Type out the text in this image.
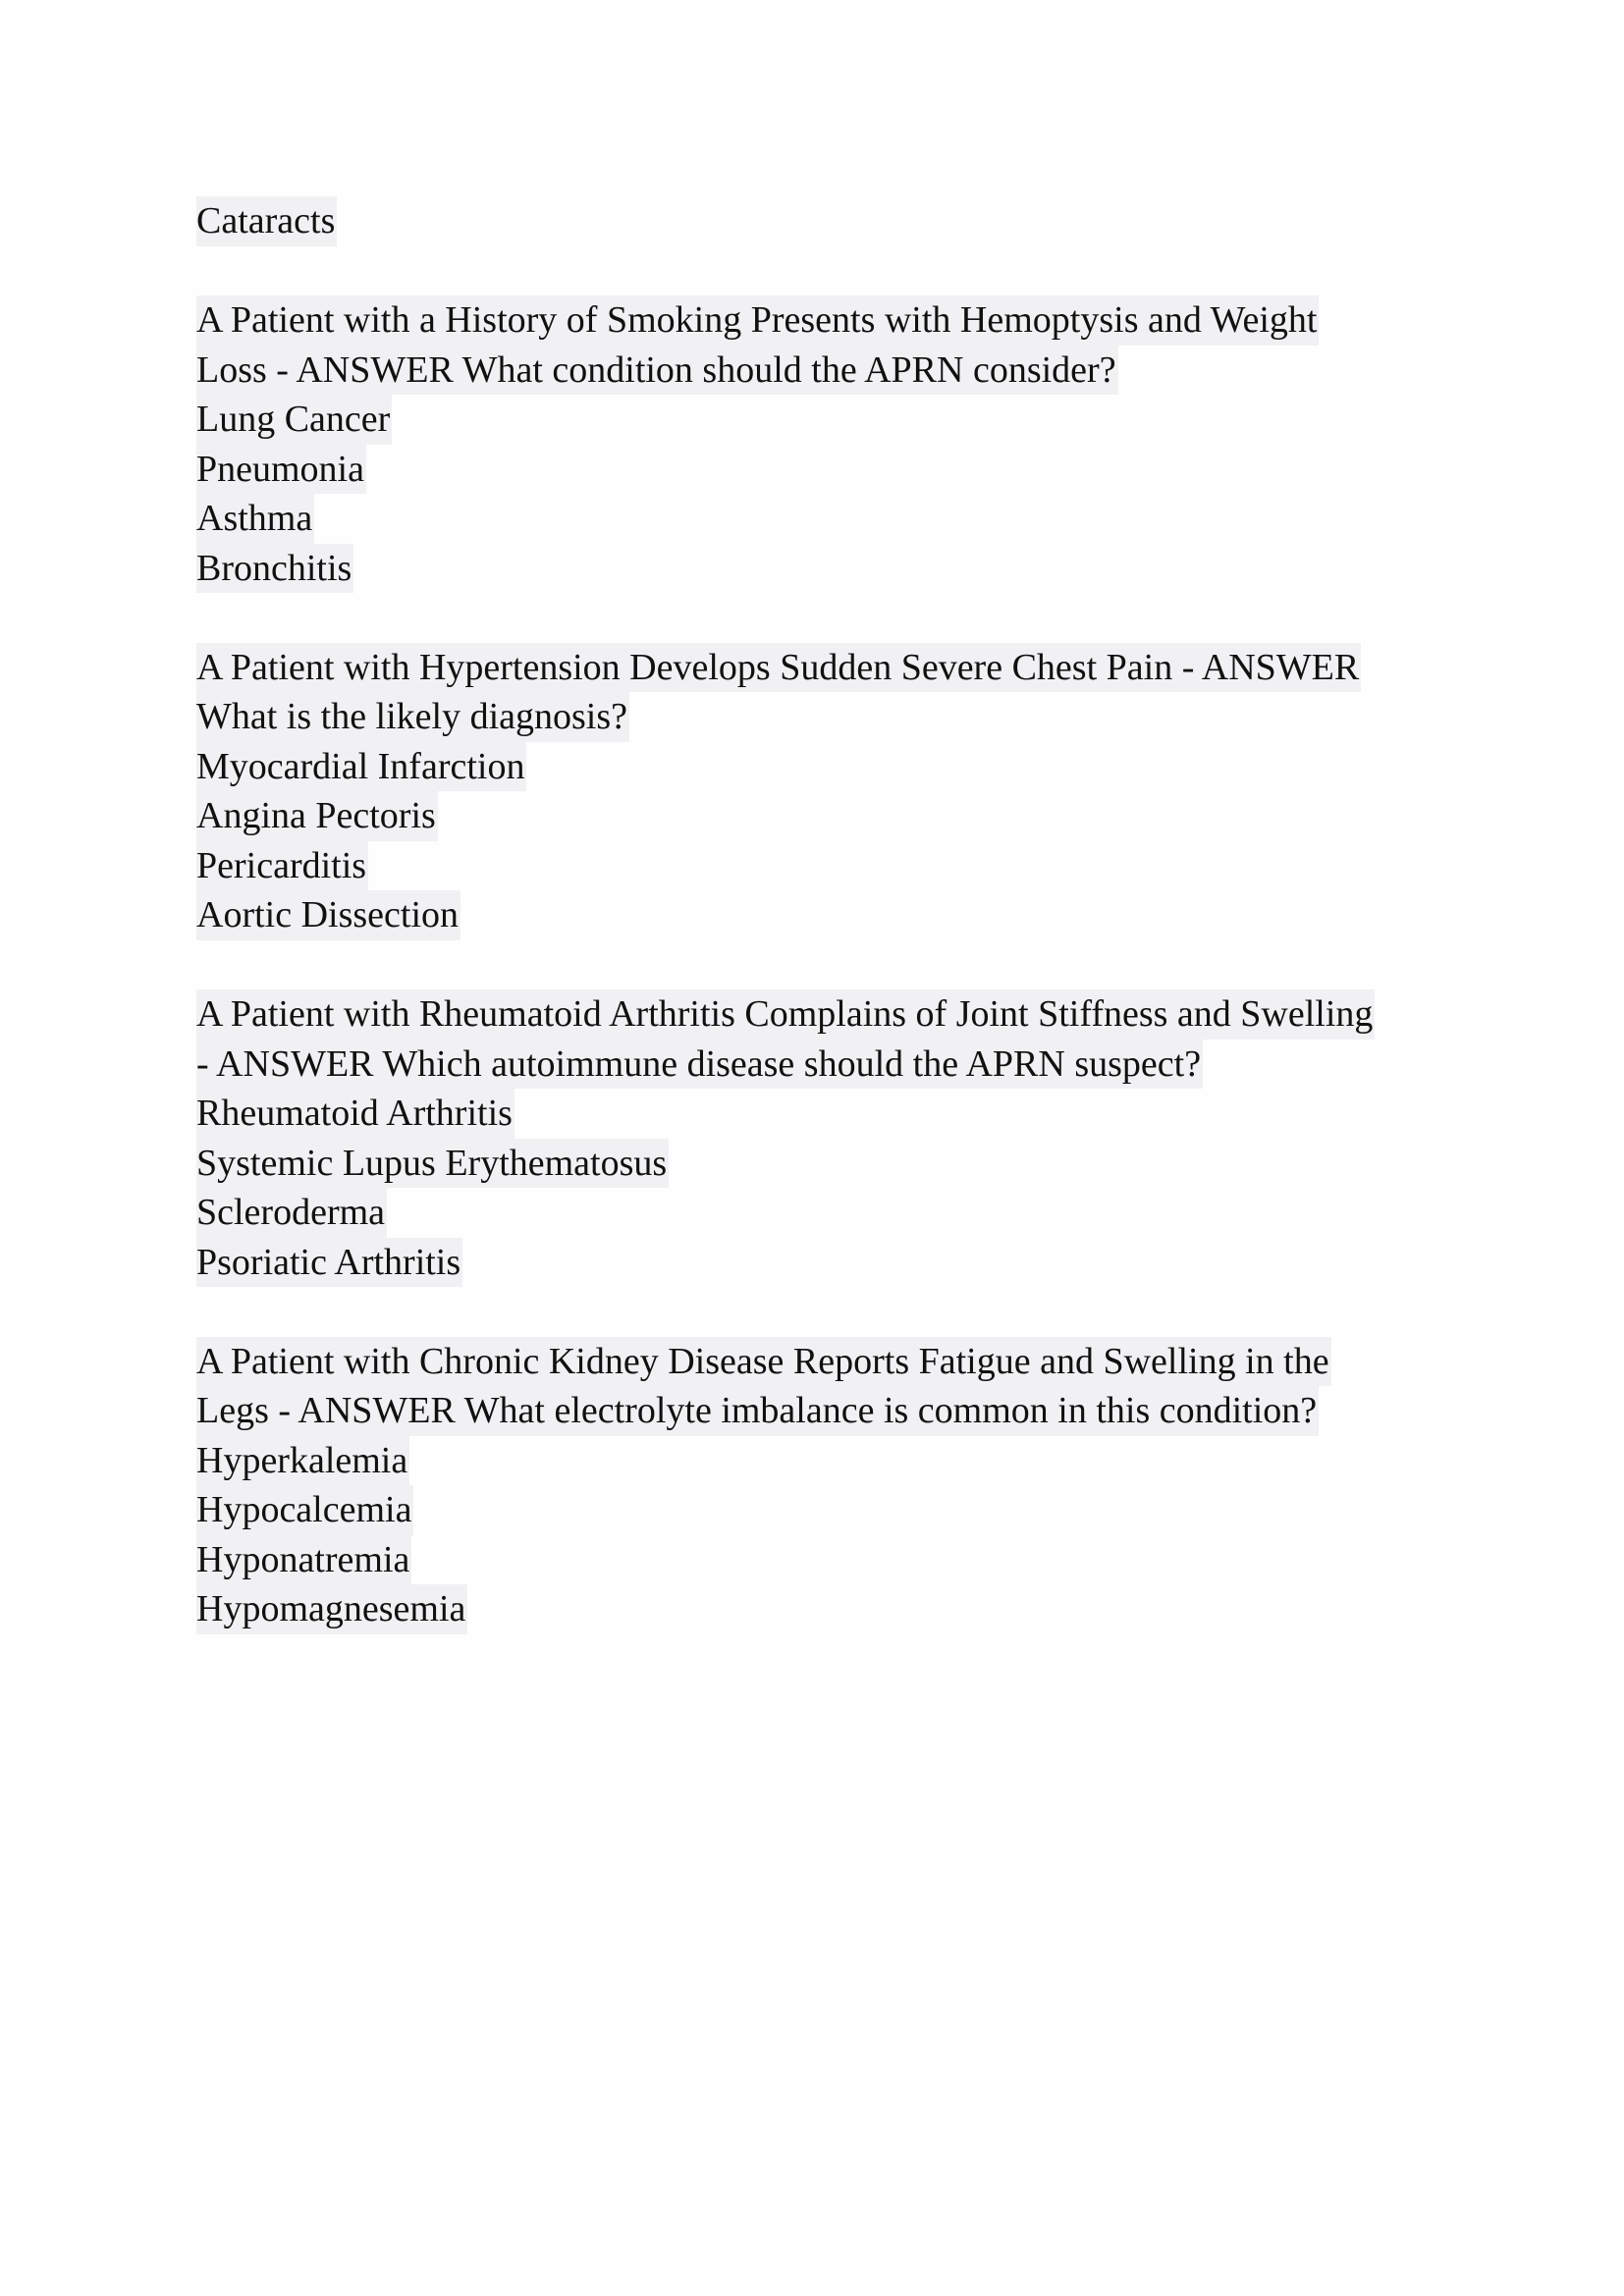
Cataracts
A Patient with a History of Smoking Presents with Hemoptysis and Weight
Loss - ANSWER What condition should the APRN consider?
Lung Cancer
Pneumonia
Asthma
Bronchitis
A Patient with Hypertension Develops Sudden Severe Chest Pain - ANSWER
What is the likely diagnosis?
Myocardial Infarction
Angina Pectoris
Pericarditis
Aortic Dissection
A Patient with Rheumatoid Arthritis Complains of Joint Stiffness and Swelling
- ANSWER Which autoimmune disease should the APRN suspect?
Rheumatoid Arthritis
Systemic Lupus Erythematosus
Scleroderma
Psoriatic Arthritis
A Patient with Chronic Kidney Disease Reports Fatigue and Swelling in the
Legs - ANSWER What electrolyte imbalance is common in this condition?
Hyperkalemia
Hypocalcemia
Hyponatremia
Hypomagnesemia
